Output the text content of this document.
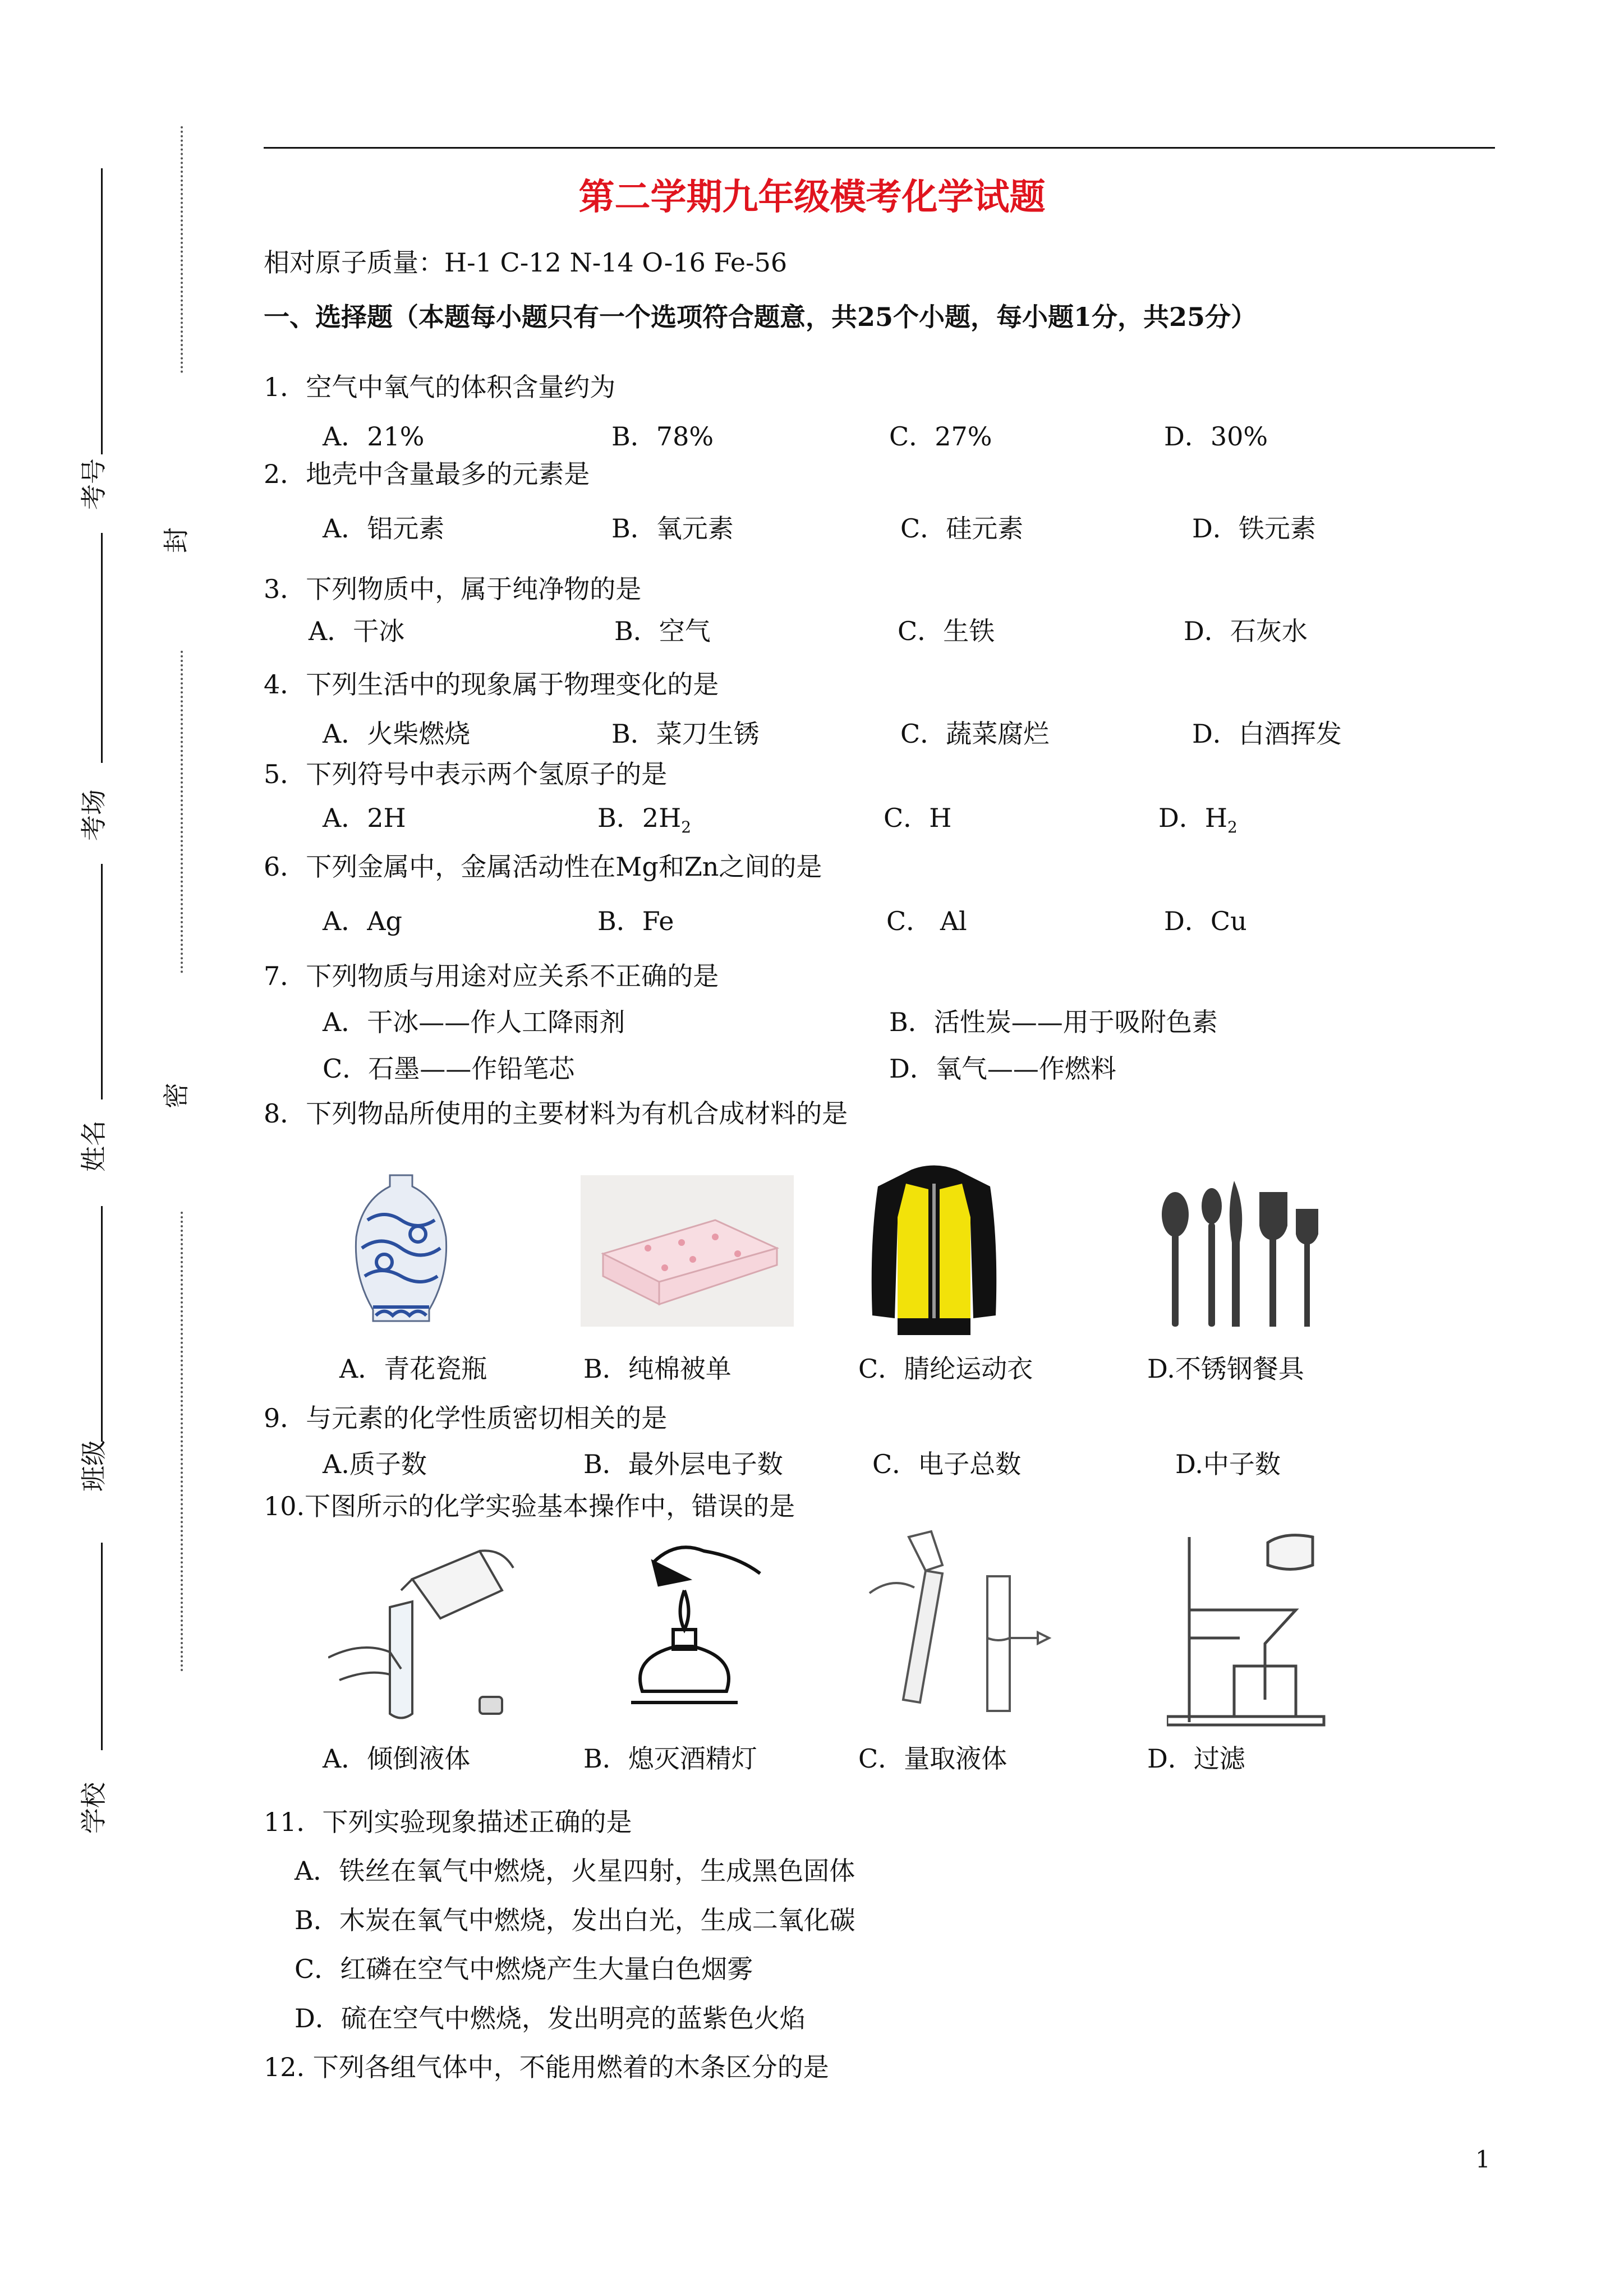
封
密
考号
考场
姓名
班级
学校
第二学期九年级模考化学试题
相对原子质量：H-1 C-12 N-14 O-16 Fe-56
一、选择题（本题每小题只有一个选项符合题意，共25个小题，每小题1分，共25分）
1．空气中氧气的体积含量约为
A．21%	B．78%	C．27%	D．30%
2．地壳中含量最多的元素是
A．铝元素	B．氧元素	C．硅元素	D．铁元素
3．下列物质中，属于纯净物的是
A．干冰	B．空气	C．生铁	D．石灰水
4．下列生活中的现象属于物理变化的是
A．火柴燃烧	B．菜刀生锈	C．蔬菜腐烂	D．白酒挥发
5．下列符号中表示两个氢原子的是
A．2H	B．$2H_2$	C．H	D．$H_2$
6．下列金属中，金属活动性在Mg和Zn之间的是
A．Ag	B．Fe	C． Al	D．Cu
7．下列物质与用途对应关系不正确的是
A．干冰——作人工降雨剂	B．活性炭——用于吸附色素
C．石墨——作铅笔芯	D．氧气——作燃料
8．下列物品所使用的主要材料为有机合成材料的是
A．青花瓷瓶	B．纯棉被单	C．腈纶运动衣	D.不锈钢餐具
9．与元素的化学性质密切相关的是
A.质子数	B．最外层电子数	C．电子总数	D.中子数
10.下图所示的化学实验基本操作中，错误的是
A．倾倒液体	B．熄灭酒精灯	C．量取液体	D．过滤
11．下列实验现象描述正确的是
A．铁丝在氧气中燃烧，火星四射，生成黑色固体
B．木炭在氧气中燃烧，发出白光，生成二氧化碳
C．红磷在空气中燃烧产生大量白色烟雾
D．硫在空气中燃烧，发出明亮的蓝紫色火焰
12. 下列各组气体中，不能用燃着的木条区分的是
1
